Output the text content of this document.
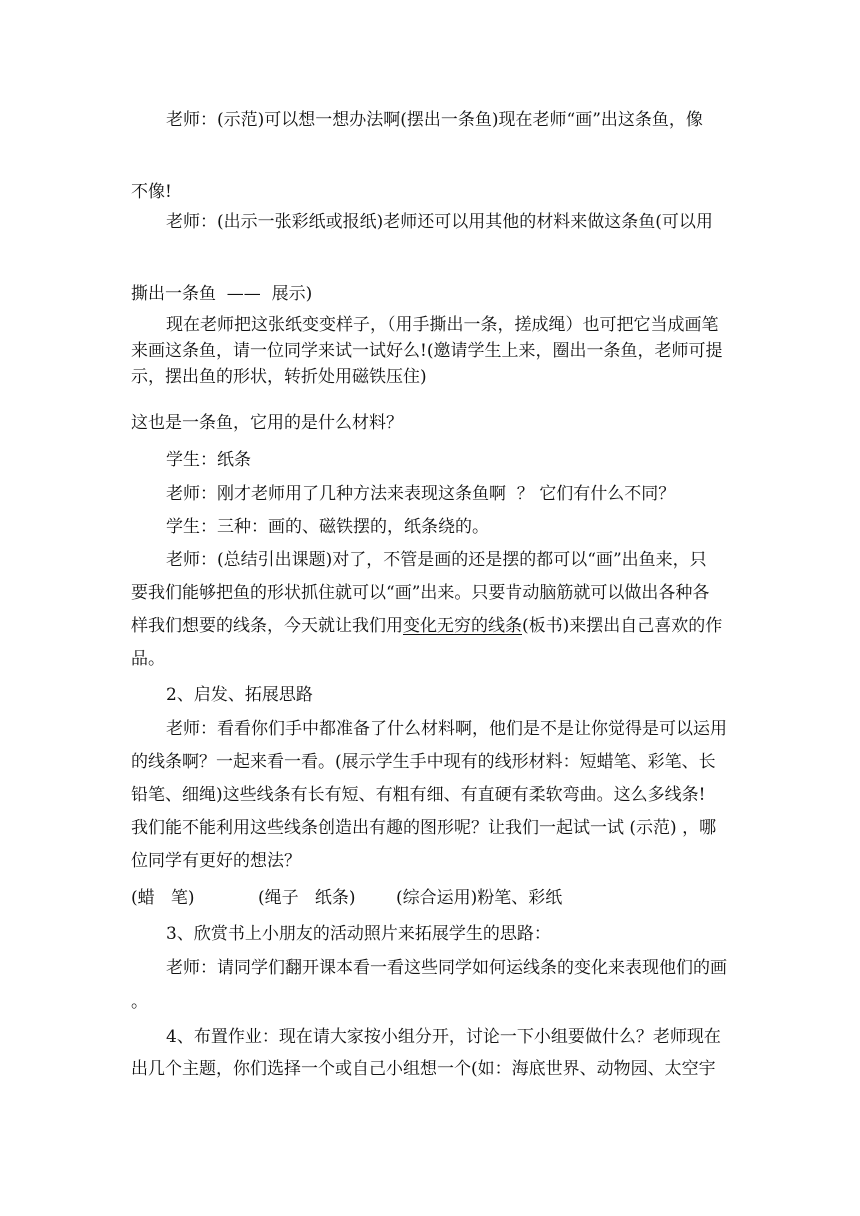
老师：(示范)可以想一想办法啊(摆出一条鱼)现在老师“画”出这条鱼，像
不像!
老师：(出示一张彩纸或报纸)老师还可以用其他的材料来做这条鱼(可以用
撕出一条鱼  ——  展示)
现在老师把这张纸变变样子，（用手撕出一条，搓成绳）也可把它当成画笔
来画这条鱼，请一位同学来试一试好么!(邀请学生上来，圈出一条鱼，老师可提
示，摆出鱼的形状，转折处用磁铁压住)
这也是一条鱼，它用的是什么材料？
学生：纸条
老师：刚才老师用了几种方法来表现这条鱼啊  ？ 它们有什么不同？
学生：三种：画的、磁铁摆的，纸条绕的。
老师：(总结引出课题)对了，不管是画的还是摆的都可以“画”出鱼来，只
要我们能够把鱼的形状抓住就可以“画”出来。只要肯动脑筋就可以做出各种各
样我们想要的线条，今天就让我们用变化无穷的线条(板书)来摆出自己喜欢的作
品。
2、启发、拓展思路
老师：看看你们手中都准备了什么材料啊，他们是不是让你觉得是可以运用
的线条啊？一起来看一看。(展示学生手中现有的线形材料：短蜡笔、彩笔、长
铅笔、细绳)这些线条有长有短、有粗有细、有直硬有柔软弯曲。这么多线条!
我们能不能利用这些线条创造出有趣的图形呢？让我们一起试一试 (示范) ，哪
位同学有更好的想法？
(蜡   笔)	(绳子   纸条) (综合运用)粉笔、彩纸
3、欣赏书上小朋友的活动照片来拓展学生的思路：
老师：请同学们翻开课本看一看这些同学如何运线条的变化来表现他们的画
。
4、布置作业：现在请大家按小组分开，讨论一下小组要做什么？老师现在
出几个主题，你们选择一个或自己小组想一个(如：海底世界、动物园、太空宇
